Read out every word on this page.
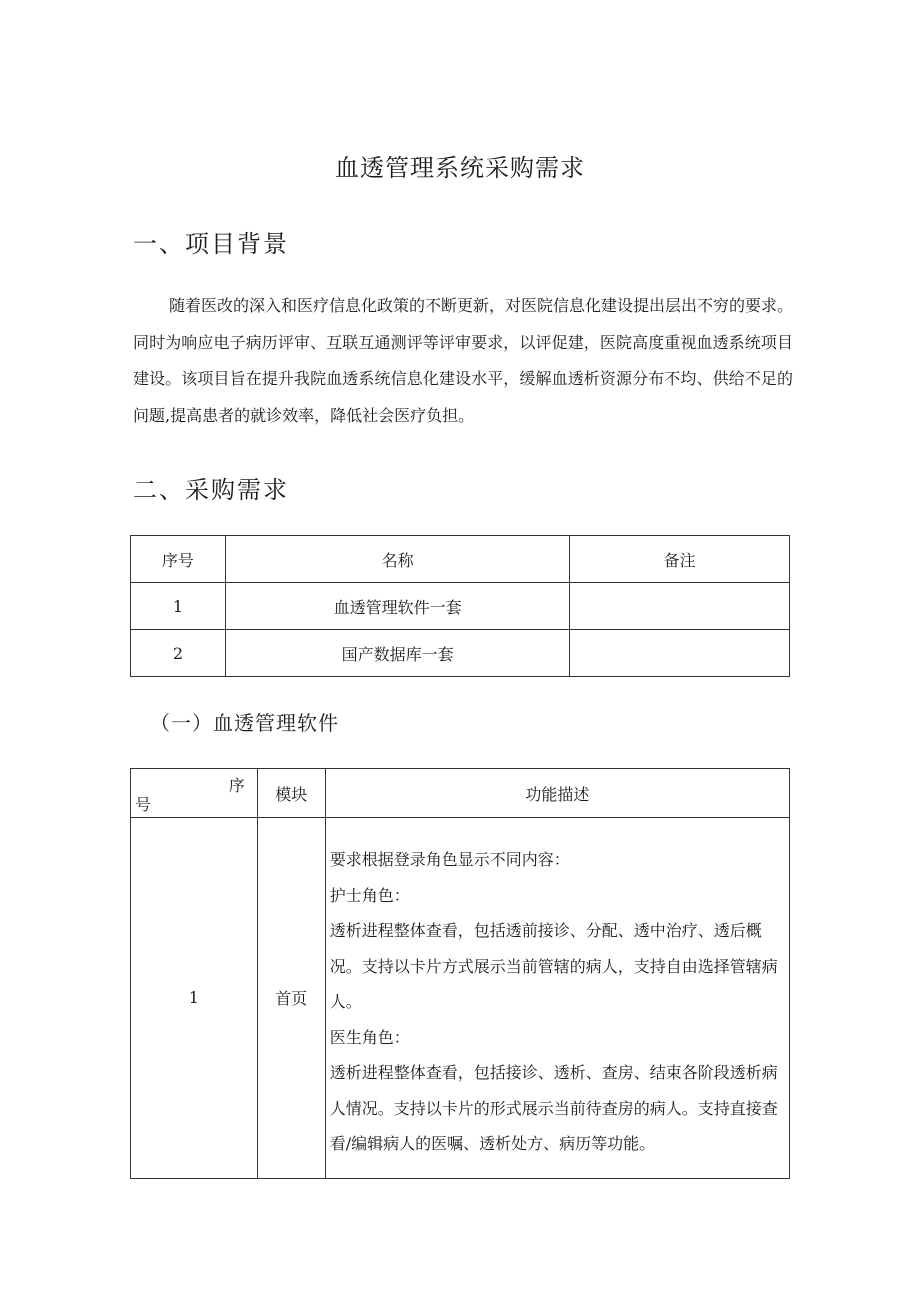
血透管理系统采购需求
一、项目背景
随着医改的深入和医疗信息化政策的不断更新，对医院信息化建设提出层出不穷的要求。同时为响应电子病历评审、互联互通测评等评审要求，以评促建，医院高度重视血透系统项目建设。该项目旨在提升我院血透系统信息化建设水平，缓解血透析资源分布不均、供给不足的问题,提高患者的就诊效率，降低社会医疗负担。
二、采购需求
序号	名称	备注
1	血透管理软件一套	
2	国产数据库一套	
（一）血透管理软件
序
号	模块	功能描述
1	首页	要求根据登录角色显示不同内容：
护士角色：
透析进程整体查看，包括透前接诊、分配、透中治疗、透后概况。支持以卡片方式展示当前管辖的病人，支持自由选择管辖病人。
医生角色：
透析进程整体查看，包括接诊、透析、查房、结束各阶段透析病人情况。支持以卡片的形式展示当前待查房的病人。支持直接查看/编辑病人的医嘱、透析处方、病历等功能。
